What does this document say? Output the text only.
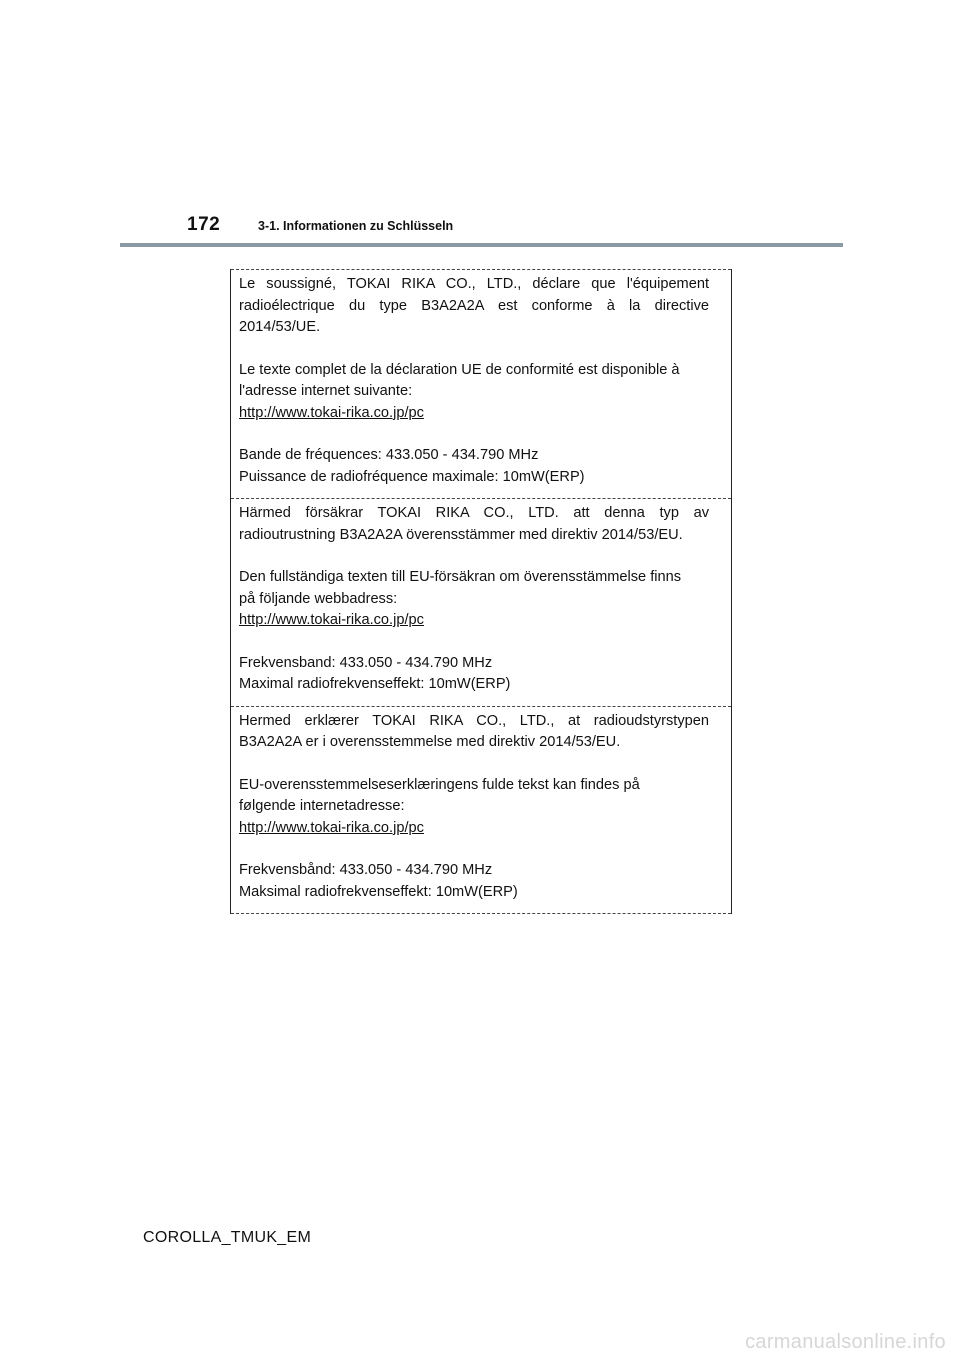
172	3-1. Informationen zu Schlüsseln

Le soussigné, TOKAI RIKA CO., LTD., déclare que l'équipement radioélectrique du type B3A2A2A est conforme à la directive 2014/53/UE.

Le texte complet de la déclaration UE de conformité est disponible à
l'adresse internet suivante:
http://www.tokai-rika.co.jp/pc

Bande de fréquences: 433.050 - 434.790 MHz
Puissance de radiofréquence maximale: 10mW(ERP)

Härmed försäkrar TOKAI RIKA CO., LTD. att denna typ av radioutrustning B3A2A2A överensstämmer med direktiv 2014/53/EU.

Den fullständiga texten till EU-försäkran om överensstämmelse finns
på följande webbadress:
http://www.tokai-rika.co.jp/pc

Frekvensband: 433.050 - 434.790 MHz
Maximal radiofrekvenseffekt: 10mW(ERP)

Hermed erklærer TOKAI RIKA CO., LTD., at radioudstyrstypen B3A2A2A er i overensstemmelse med direktiv 2014/53/EU.

EU-overensstemmelseserklæringens fulde tekst kan findes på
følgende internetadresse:
http://www.tokai-rika.co.jp/pc

Frekvensbånd: 433.050 - 434.790 MHz
Maksimal radiofrekvenseffekt: 10mW(ERP)

COROLLA_TMUK_EM
carmanualsonline.info
